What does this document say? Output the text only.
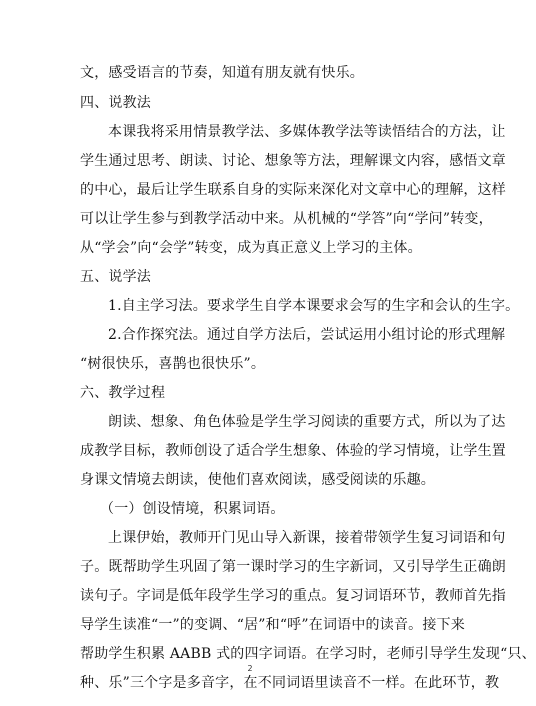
文，感受语言的节奏，知道有朋友就有快乐。
四、说教法
本课我将采用情景教学法、多媒体教学法等读悟结合的方法，让
学生通过思考、朗读、讨论、想象等方法，理解课文内容，感悟文章
的中心，最后让学生联系自身的实际来深化对文章中心的理解，这样
可以让学生参与到教学活动中来。从机械的“学答”向“学问”转变，
从“学会”向“会学”转变，成为真正意义上学习的主体。
五、说学法
1.自主学习法。要求学生自学本课要求会写的生字和会认的生字。
2.合作探究法。通过自学方法后，尝试运用小组讨论的形式理解
“树很快乐，喜鹊也很快乐”。
六、教学过程
朗读、想象、角色体验是学生学习阅读的重要方式，所以为了达
成教学目标，教师创设了适合学生想象、体验的学习情境，让学生置
身课文情境去朗读，使他们喜欢阅读，感受阅读的乐趣。
（一）创设情境，积累词语。
上课伊始，教师开门见山导入新课，接着带领学生复习词语和句
子。既帮助学生巩固了第一课时学习的生字新词，又引导学生正确朗
读句子。字词是低年段学生学习的重点。复习词语环节，教师首先指
导学生读准“一”的变调、“居”和“呼”在词语中的读音。接下来
帮助学生积累 AABB 式的四字词语。在学习时，老师引导学生发现“只、
种、乐”三个字是多音字，在不同词语里读音不一样。在此环节，教
2
